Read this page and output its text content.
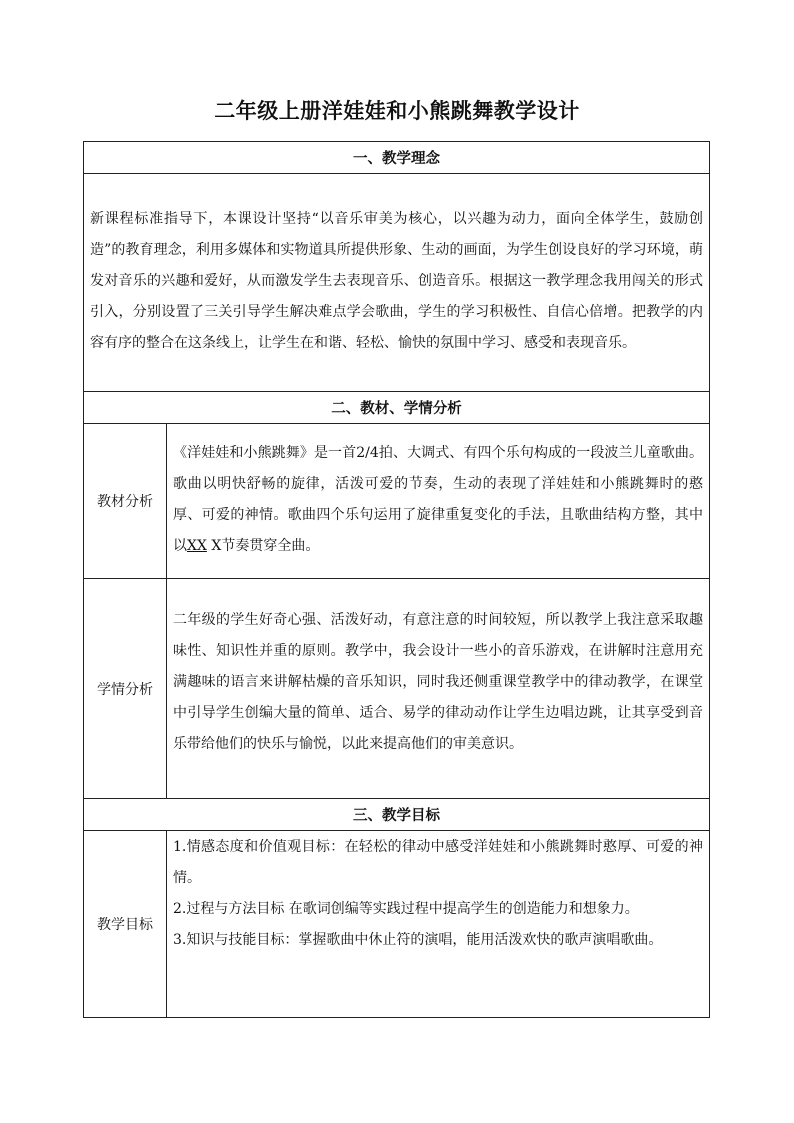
二年级上册洋娃娃和小熊跳舞教学设计
一、教学理念

新课程标准指导下，本课设计坚持“以音乐审美为核心，以兴趣为动力，面向全体学生，鼓励创造”的教育理念，利用多媒体和实物道具所提供形象、生动的画面，为学生创设良好的学习环境，萌发对音乐的兴趣和爱好，从而激发学生去表现音乐、创造音乐。根据这一教学理念我用闯关的形式引入，分别设置了三关引导学生解决难点学会歌曲，学生的学习积极性、自信心倍增。把教学的内容有序的整合在这条线上，让学生在和谐、轻松、愉快的氛围中学习、感受和表现音乐。

二、教材、学情分析
教材分析

《洋娃娃和小熊跳舞》是一首2/4拍、大调式、有四个乐句构成的一段波兰儿童歌曲。歌曲以明快舒畅的旋律，活泼可爱的节奏，生动的表现了洋娃娃和小熊跳舞时的憨厚、可爱的神情。歌曲四个乐句运用了旋律重复变化的手法，且歌曲结构方整，其中以XX X节奏贯穿全曲。

学情分析

二年级的学生好奇心强、活泼好动，有意注意的时间较短，所以教学上我注意采取趣味性、知识性并重的原则。教学中，我会设计一些小的音乐游戏，在讲解时注意用充满趣味的语言来讲解枯燥的音乐知识，同时我还侧重课堂教学中的律动教学，在课堂中引导学生创编大量的简单、适合、易学的律动动作让学生边唱边跳，让其享受到音乐带给他们的快乐与愉悦，以此来提高他们的审美意识。

三、教学目标
教学目标

1.情感态度和价值观目标：在轻松的律动中感受洋娃娃和小熊跳舞时憨厚、可爱的神情。

2.过程与方法目标 在歌词创编等实践过程中提高学生的创造能力和想象力。

3.知识与技能目标：掌握歌曲中休止符的演唱，能用活泼欢快的歌声演唱歌曲。
